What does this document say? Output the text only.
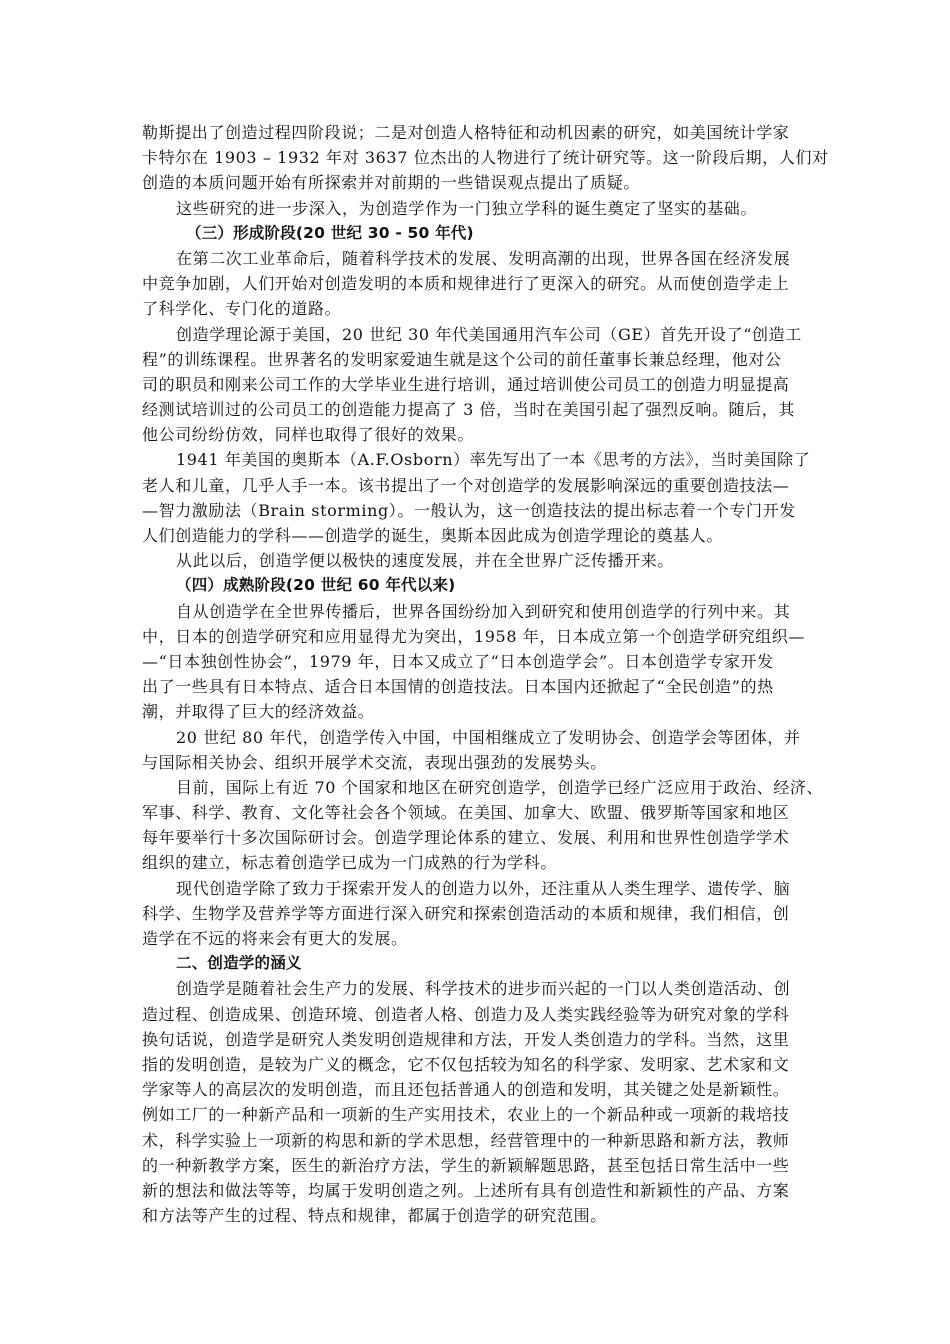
勒斯提出了创造过程四阶段说；二是对创造人格特征和动机因素的研究，如美国统计学家
卡特尔在 1903 – 1932 年对 3637 位杰出的人物进行了统计研究等。这一阶段后期，人们对
创造的本质问题开始有所探索并对前期的一些错误观点提出了质疑。
这些研究的进一步深入，为创造学作为一门独立学科的诞生奠定了坚实的基础。
（三）形成阶段(20 世纪 30 - 50 年代)
在第二次工业革命后，随着科学技术的发展、发明高潮的出现，世界各国在经济发展
中竞争加剧，人们开始对创造发明的本质和规律进行了更深入的研究。从而使创造学走上
了科学化、专门化的道路。
创造学理论源于美国，20 世纪 30 年代美国通用汽车公司（GE）首先开设了“创造工
程”的训练课程。世界著名的发明家爱迪生就是这个公司的前任董事长兼总经理，他对公
司的职员和刚来公司工作的大学毕业生进行培训，通过培训使公司员工的创造力明显提高
经测试培训过的公司员工的创造能力提高了 3 倍，当时在美国引起了强烈反响。随后，其
他公司纷纷仿效，同样也取得了很好的效果。
1941 年美国的奥斯本（A.F.Osborn）率先写出了一本《思考的方法》，当时美国除了
老人和儿童，几乎人手一本。该书提出了一个对创造学的发展影响深远的重要创造技法—
—智力激励法（Brain storming）。一般认为，这一创造技法的提出标志着一个专门开发
人们创造能力的学科——创造学的诞生，奥斯本因此成为创造学理论的奠基人。
从此以后，创造学便以极快的速度发展，并在全世界广泛传播开来。
（四）成熟阶段(20 世纪 60 年代以来)
自从创造学在全世界传播后，世界各国纷纷加入到研究和使用创造学的行列中来。其
中，日本的创造学研究和应用显得尤为突出，1958 年，日本成立第一个创造学研究组织—
—“日本独创性协会”，1979 年，日本又成立了“日本创造学会”。日本创造学专家开发
出了一些具有日本特点、适合日本国情的创造技法。日本国内还掀起了“全民创造”的热
潮，并取得了巨大的经济效益。
20 世纪 80 年代，创造学传入中国，中国相继成立了发明协会、创造学会等团体，并
与国际相关协会、组织开展学术交流，表现出强劲的发展势头。
目前，国际上有近 70 个国家和地区在研究创造学，创造学已经广泛应用于政治、经济、
军事、科学、教育、文化等社会各个领域。在美国、加拿大、欧盟、俄罗斯等国家和地区
每年要举行十多次国际研讨会。创造学理论体系的建立、发展、利用和世界性创造学学术
组织的建立，标志着创造学已成为一门成熟的行为学科。
现代创造学除了致力于探索开发人的创造力以外，还注重从人类生理学、遗传学、脑
科学、生物学及营养学等方面进行深入研究和探索创造活动的本质和规律，我们相信，创
造学在不远的将来会有更大的发展。
二、创造学的涵义
创造学是随着社会生产力的发展、科学技术的进步而兴起的一门以人类创造活动、创
造过程、创造成果、创造环境、创造者人格、创造力及人类实践经验等为研究对象的学科
换句话说，创造学是研究人类发明创造规律和方法，开发人类创造力的学科。当然，这里
指的发明创造，是较为广义的概念，它不仅包括较为知名的科学家、发明家、艺术家和文
学家等人的高层次的发明创造，而且还包括普通人的创造和发明，其关键之处是新颖性。
例如工厂的一种新产品和一项新的生产实用技术，农业上的一个新品种或一项新的栽培技
术，科学实验上一项新的构思和新的学术思想，经营管理中的一种新思路和新方法，教师
的一种新教学方案，医生的新治疗方法，学生的新颖解题思路，甚至包括日常生活中一些
新的想法和做法等等，均属于发明创造之列。上述所有具有创造性和新颖性的产品、方案
和方法等产生的过程、特点和规律，都属于创造学的研究范围。
